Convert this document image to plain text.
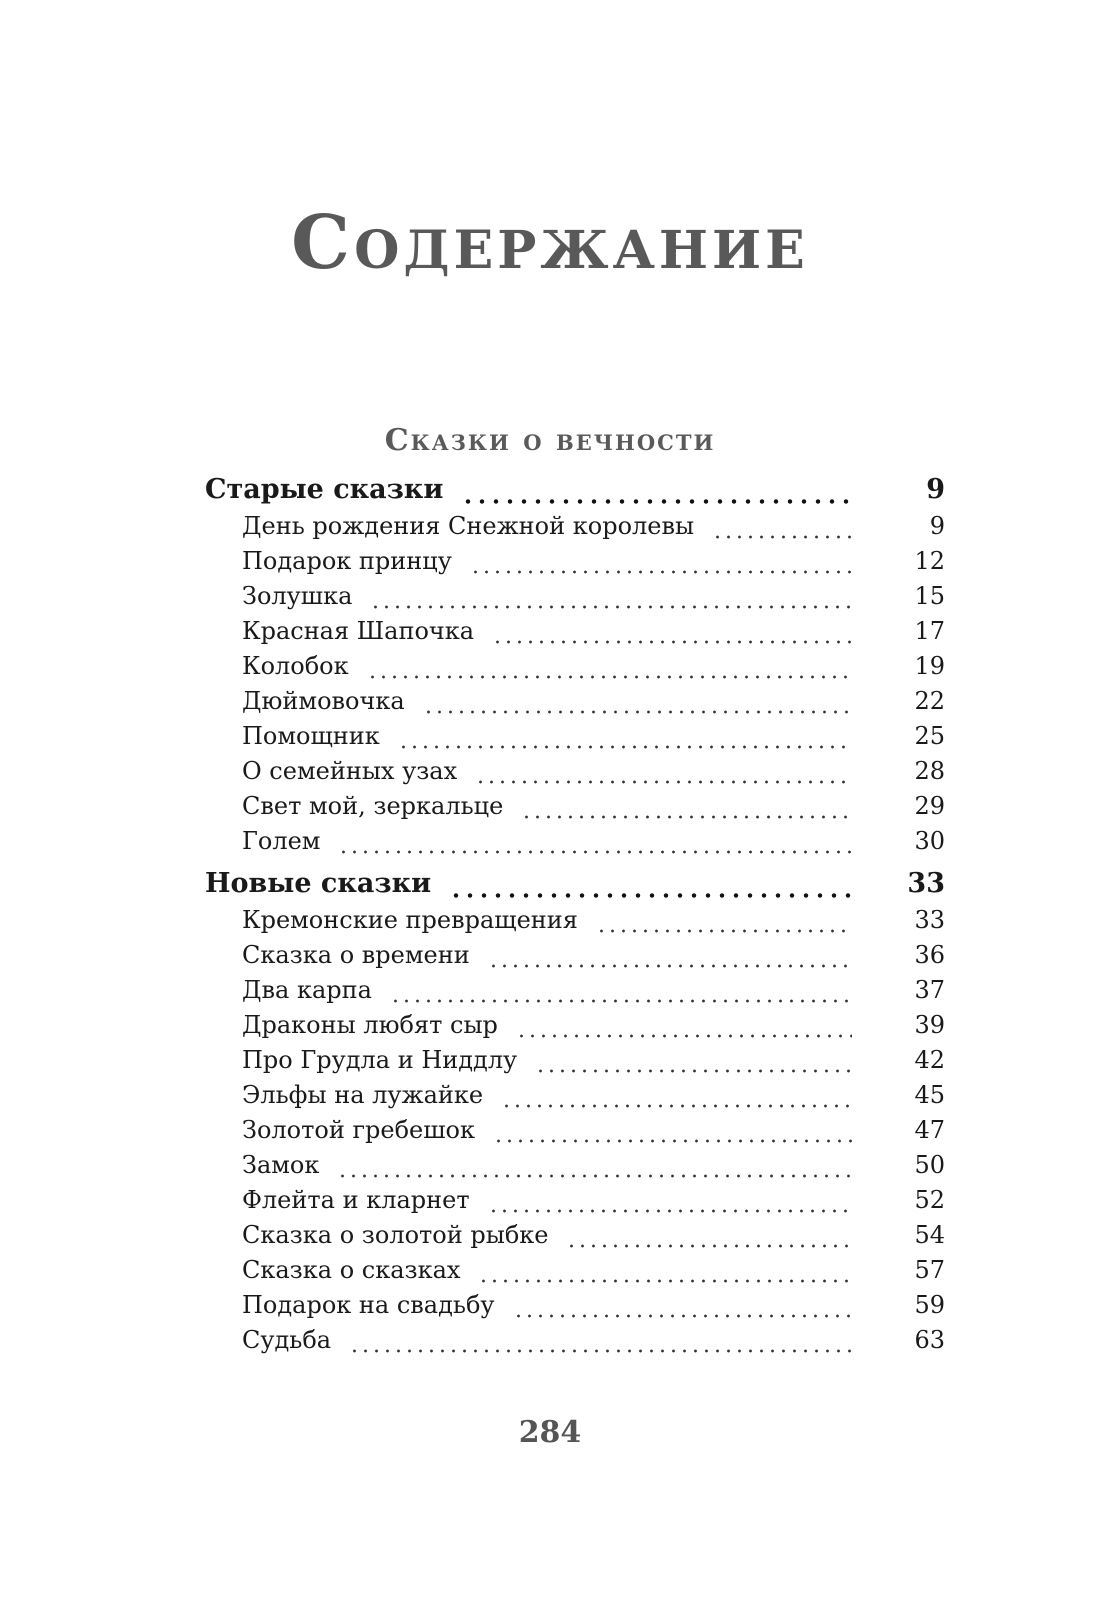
Содержание
Сказки о вечности
Старые сказки	9
День рождения Снежной королевы	9
Подарок принцу	12
Золушка	15
Красная Шапочка	17
Колобок	19
Дюймовочка	22
Помощник	25
О семейных узах	28
Свет мой, зеркальце	29
Голем	30
Новые сказки	33
Кремонские превращения	33
Сказка о времени	36
Два карпа	37
Драконы любят сыр	39
Про Грудла и Ниддлу	42
Эльфы на лужайке	45
Золотой гребешок	47
Замок	50
Флейта и кларнет	52
Сказка о золотой рыбке	54
Сказка о сказках	57
Подарок на свадьбу	59
Судьба	63
284
